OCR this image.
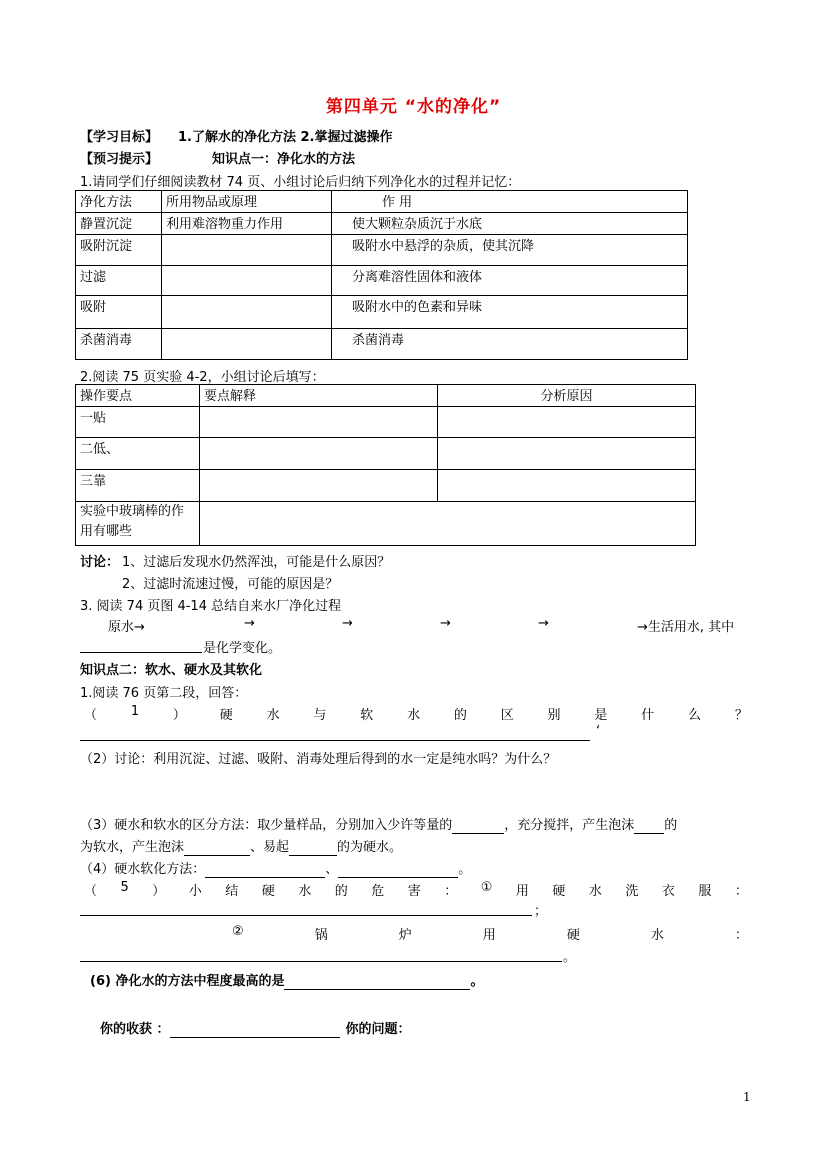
第四单元 “水的净化”
【学习目标】 1.了解水的净化方法 2.掌握过滤操作
【预习提示】	知识点一：净化水的方法
1.请同学们仔细阅读教材 74 页、小组讨论后归纳下列净化水的过程并记忆：
净化方法	所用物品或原理	作 用
静置沉淀	利用难溶物重力作用	使大颗粒杂质沉于水底
吸附沉淀		吸附水中悬浮的杂质，使其沉降
过滤		分离难溶性固体和液体
吸附		吸附水中的色素和异味
杀菌消毒		杀菌消毒
2.阅读 75 页实验 4-2，小组讨论后填写：
操作要点	要点解释	分析原因
一贴		
二低、		
三靠		

实验中玻璃棒的作
用有哪些		

讨论： 1、过滤后发现水仍然浑浊，可能是什么原因？
2、过滤时流速过慢，可能的原因是？
3. 阅读 74 页图 4-14 总结自来水厂净化过程
原水→	→	→	→	→	→生活用水, 其中
是化学变化。
知识点二：软水、硬水及其软化
1.阅读 76 页第二段，回答：
（	1	）	硬	水	与	软	水	的	区	别	是	什	么	？
‘
（2）讨论：利用沉淀、过滤、吸附、消毒处理后得到的水一定是纯水吗？为什么？
（3）硬水和软水的区分方法：取少量样品，分别加入少许等量的	，充分搅拌，产生泡沫 的
为软水，产生泡沫	、易起	的为硬水。
（4）硬水软化方法：	、	。
（ 5 ） 小 结 硬 水 的 危 害 ： ① 用 硬 水 洗 衣 服 ：
；
②	锅	炉	用	硬	水	：
。
(6) 净化水的方法中程度最高的是	。
你的收获 ：	你的问题：
1
